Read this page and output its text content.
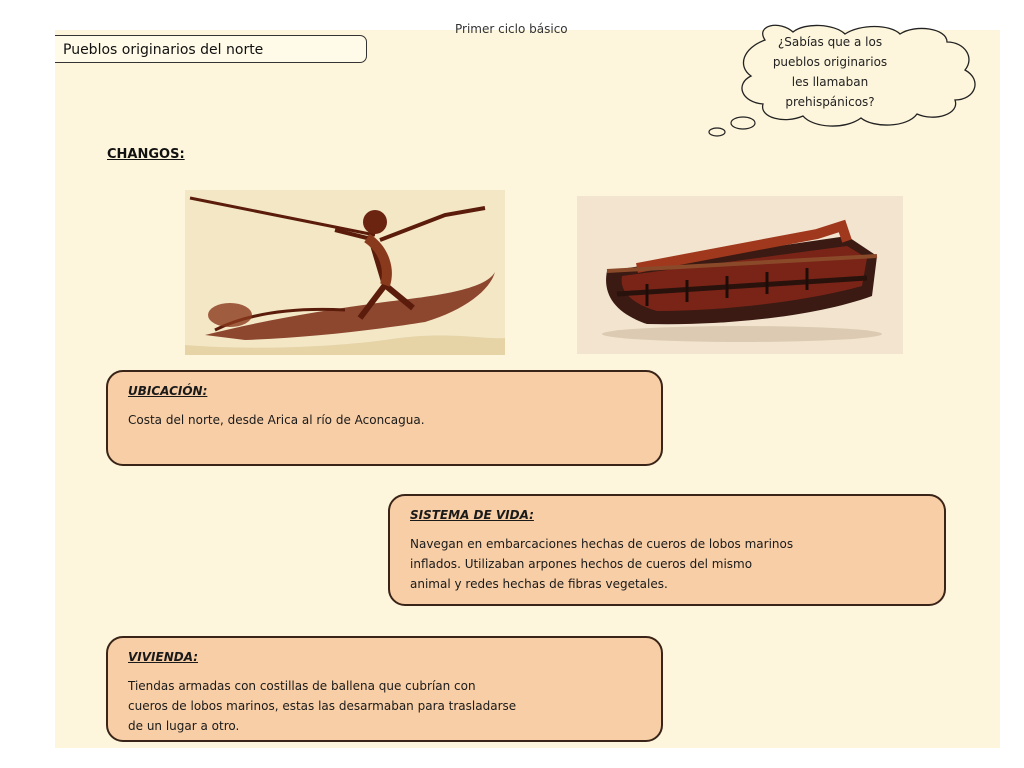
Primer ciclo básico
Pueblos originarios del norte	¿Sabías que a los
pueblos originarios
les llamaban
prehispánicos?
CHANGOS:
UBICACIÓN:
Costa del norte, desde Arica al río de Aconcagua.
SISTEMA DE VIDA:
Navegan en embarcaciones hechas de cueros de lobos marinos
inflados. Utilizaban arpones hechos de cueros del mismo
animal y redes hechas de fibras vegetales.
VIVIENDA:
Tiendas armadas con costillas de ballena que cubrían con
cueros de lobos marinos, estas las desarmaban para trasladarse
de un lugar a otro.
